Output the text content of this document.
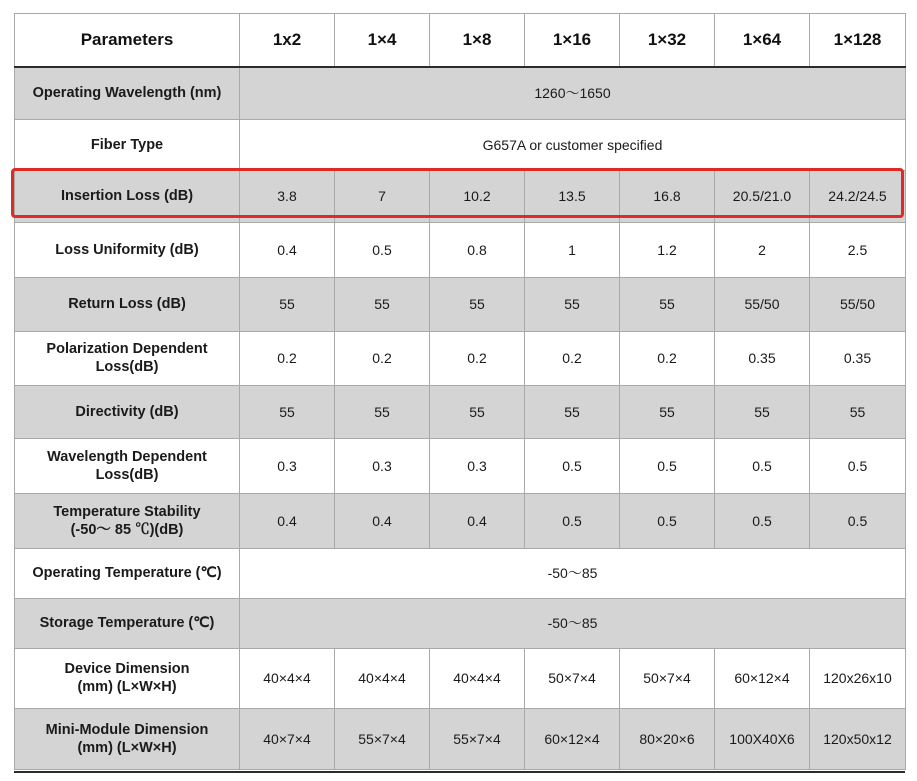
Parameters	1x2	1×4	1×8	1×16	1×32	1×64	1×128
Operating Wavelength (nm)	1260～1650						
Fiber Type	G657A or customer specified						
Insertion Loss (dB)	3.8	7	10.2	13.5	16.8	20.5/21.0	24.2/24.5
Loss Uniformity (dB)	0.4	0.5	0.8	1	1.2	2	2.5
Return Loss (dB)	55	55	55	55	55	55/50	55/50
Polarization Dependent
Loss(dB)	0.2	0.2	0.2	0.2	0.2	0.35	0.35
Directivity (dB)	55	55	55	55	55	55	55
Wavelength Dependent
Loss(dB)	0.3	0.3	0.3	0.5	0.5	0.5	0.5
Temperature Stability
(-50～ 85 ℃)(dB)	0.4	0.4	0.4	0.5	0.5	0.5	0.5
Operating Temperature (℃)	-50～85						
Storage Temperature (℃)	-50～85						
Device Dimension
(mm) (L×W×H)	40×4×4	40×4×4	40×4×4	50×7×4	50×7×4	60×12×4	120x26x10
Mini-Module Dimension
(mm) (L×W×H)	40×7×4	55×7×4	55×7×4	60×12×4	80×20×6	100X40X6	120x50x12
